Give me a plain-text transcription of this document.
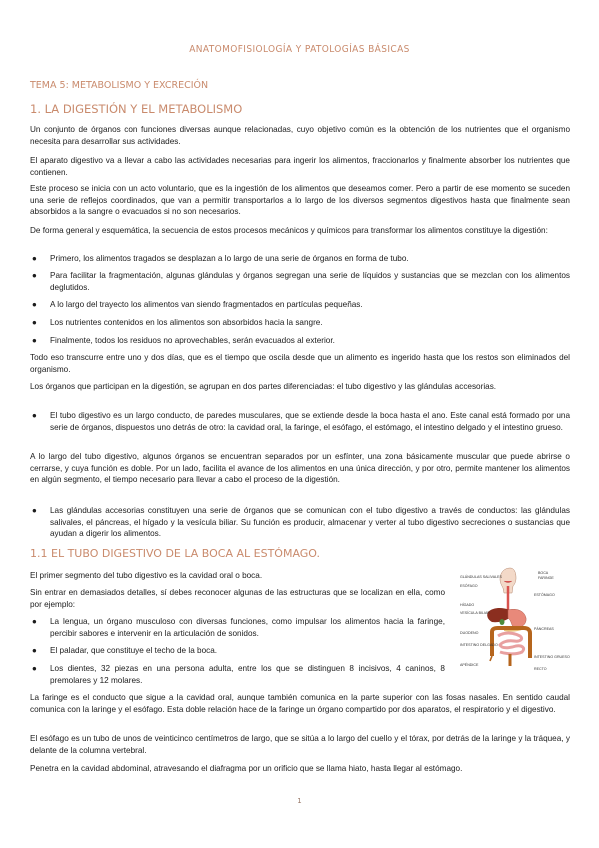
ANATOMOFISIOLOGÍA Y PATOLOGÍAS BÁSICAS
TEMA 5: METABOLISMO Y EXCRECIÓN
1. LA DIGESTIÓN Y EL METABOLISMO

Un conjunto de órganos con funciones diversas aunque relacionadas, cuyo objetivo común es la obtención de los nutrientes que el organismo necesita para desarrollar sus actividades.

El aparato digestivo va a llevar a cabo las actividades necesarias para ingerir los alimentos, fraccionarlos y finalmente absorber los nutrientes que contienen.

Este proceso se inicia con un acto voluntario, que es la ingestión de los alimentos que deseamos comer. Pero a partir de ese momento se suceden una serie de reflejos coordinados, que van a permitir transportarlos a lo largo de los diversos segmentos digestivos hasta que finalmente sean absorbidos a la sangre o evacuados si no son necesarios.

De forma general y esquemática, la secuencia de estos procesos mecánicos y químicos para transformar los alimentos constituye la digestión:

● Primero, los alimentos tragados se desplazan a lo largo de una serie de órganos en forma de tubo.
● Para facilitar la fragmentación, algunas glándulas y órganos segregan una serie de líquidos y sustancias que se mezclan con los alimentos deglutidos.
● A lo largo del trayecto los alimentos van siendo fragmentados en partículas pequeñas.
● Los nutrientes contenidos en los alimentos son absorbidos hacia la sangre.
● Finalmente, todos los residuos no aprovechables, serán evacuados al exterior.

Todo eso transcurre entre uno y dos días, que es el tiempo que oscila desde que un alimento es ingerido hasta que los restos son eliminados del organismo.

Los órganos que participan en la digestión, se agrupan en dos partes diferenciadas: el tubo digestivo y las glándulas accesorias.

● El tubo digestivo es un largo conducto, de paredes musculares, que se extiende desde la boca hasta el ano. Este canal está formado por una serie de órganos, dispuestos uno detrás de otro: la cavidad oral, la faringe, el esófago, el estómago, el intestino delgado y el intestino grueso.

A lo largo del tubo digestivo, algunos órganos se encuentran separados por un esfínter, una zona básicamente muscular que puede abrirse o cerrarse, y cuya función es doble. Por un lado, facilita el avance de los alimentos en una única dirección, y por otro, permite mantener los alimentos en algún segmento, el tiempo necesario para llevar a cabo el proceso de la digestión.

● Las glándulas accesorias constituyen una serie de órganos que se comunican con el tubo digestivo a través de conductos: las glándulas salivales, el páncreas, el hígado y la vesícula biliar. Su función es producir, almacenar y verter al tubo digestivo secreciones o sustancias que ayudan a digerir los alimentos.
1.1 EL TUBO DIGESTIVO DE LA BOCA AL ESTÓMAGO.

El primer segmento del tubo digestivo es la cavidad oral o boca.

Sin entrar en demasiados detalles, sí debes reconocer algunas de las estructuras que se localizan en ella, como por ejemplo:

● La lengua, un órgano musculoso con diversas funciones, como impulsar los alimentos hacia la faringe, percibir sabores e intervenir en la articulación de sonidos.
● El paladar, que constituye el techo de la boca.
● Los dientes, 32 piezas en una persona adulta, entre los que se distinguen 8 incisivos, 4 caninos, 8 premolares y 12 molares.

La faringe es el conducto que sigue a la cavidad oral, aunque también comunica en la parte superior con las fosas nasales. En sentido caudal comunica con la laringe y el esófago. Esta doble relación hace de la faringe un órgano compartido por dos aparatos, el respiratorio y el digestivo.

El esófago es un tubo de unos de veinticinco centímetros de largo, que se sitúa a lo largo del cuello y el tórax, por detrás de la laringe y la tráquea, y delante de la columna vertebral.

Penetra en la cavidad abdominal, atravesando el diafragma por un orificio que se llama hiato, hasta llegar al estómago.

BOCA
FARINGE
GLÁNDULAS SALIVALES
ESÓFAGO
ESTÓMAGO
VESÍCULA BILIAR
HÍGADO
PÁNCREAS
DUODENO
INTESTINO DELGADO
INTESTINO GRUESO
APÉNDICE
RECTO
1
